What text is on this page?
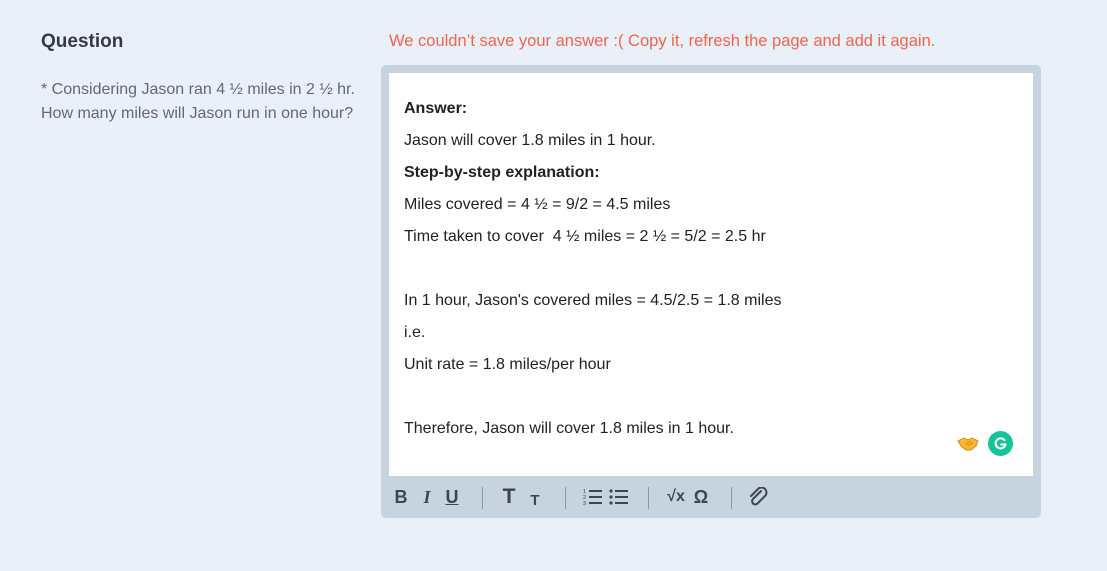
Question
* Considering Jason ran 4 ½ miles in 2 ½ hr. How many miles will Jason run in one hour?
We couldn’t save your answer :( Copy it, refresh the page and add it again.
Answer:
Jason will cover 1.8 miles in 1 hour.
Step-by-step explanation:
Miles covered = 4 ½ = 9/2 = 4.5 miles
Time taken to cover  4 ½ miles = 2 ½ = 5/2 = 2.5 hr
In 1 hour, Jason's covered miles = 4.5/2.5 = 1.8 miles
i.e.
Unit rate = 1.8 miles/per hour
Therefore, Jason will cover 1.8 miles in 1 hour.
B I U T T	1
2
3	√x Ω
